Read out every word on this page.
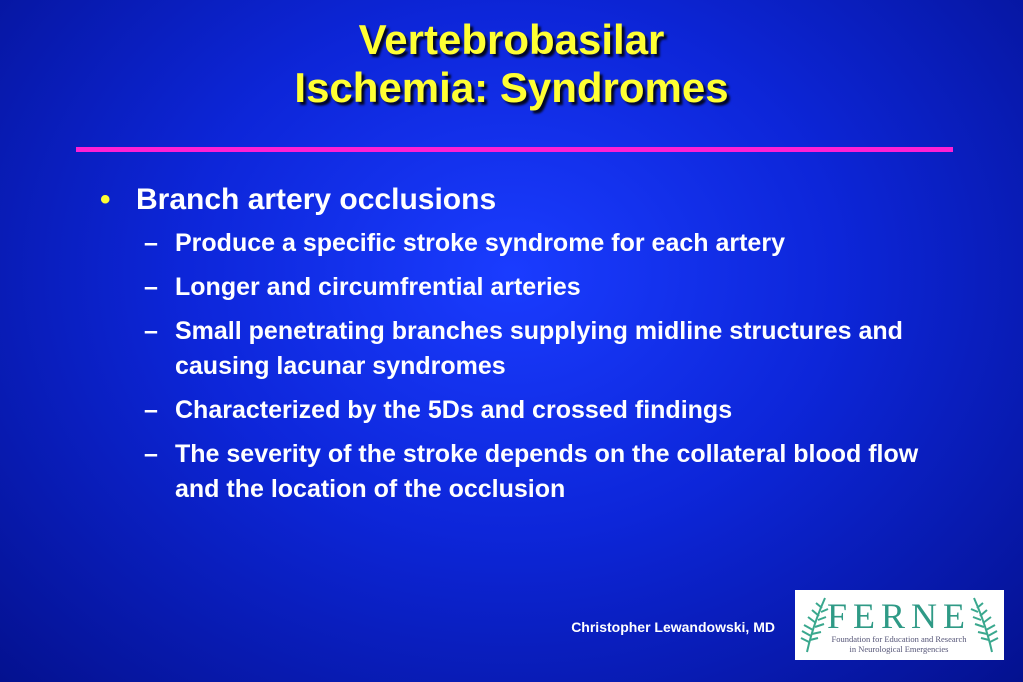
Vertebrobasilar
Ischemia: Syndromes
• Branch artery occlusions
– Produce a specific stroke syndrome for each artery
– Longer and circumfrential arteries
– Small penetrating branches supplying midline structures and causing lacunar syndromes
– Characterized by the 5Ds and crossed findings
– The severity of the stroke depends on the collateral blood flow and the location of the occlusion
Christopher Lewandowski, MD FERNE
Foundation for Education and Research
in Neurological Emergencies
